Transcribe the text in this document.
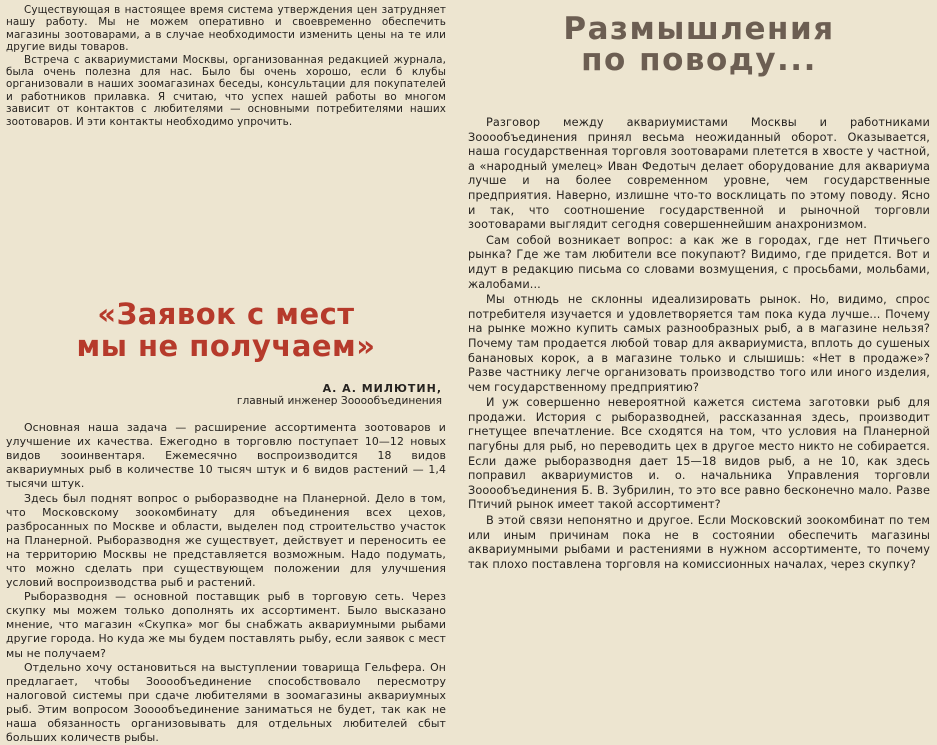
Существующая в настоящее время система утверждения цен затрудняет нашу работу. Мы не можем оперативно и своевременно обеспечить магазины зоотоварами, а в случае необходимости изменить цены на те или другие виды товаров.

Встреча с аквариумистами Москвы, организованная редакцией журнала, была очень полезна для нас. Было бы очень хорошо, если б клубы организовали в наших зоомагазинах беседы, консультации для покупателей и работников прилавка. Я считаю, что успех нашей работы во многом зависит от контактов с любителями — основными потребителями наших зоотоваров. И эти контакты необходимо упрочить.

«Заявок с мест
мы не получаем»
А. А. МИЛЮТИН,
главный инженер Зооообъединения

Основная наша задача — расширение ассортимента зоотоваров и улучшение их качества. Ежегодно в торговлю поступает 10—12 новых видов зооинвентаря. Ежемесячно воспроизводится 18 видов аквариумных рыб в количестве 10 тысяч штук и 6 видов растений — 1,4 тысячи штук.

Здесь был поднят вопрос о рыборазводне на Планерной. Дело в том, что Московскому зоокомбинату для объединения всех цехов, разбросанных по Москве и области, выделен под строительство участок на Планерной. Рыборазводня же существует, действует и переносить ее на территорию Москвы не представляется возможным. Надо подумать, что можно сделать при существующем положении для улучшения условий воспроизводства рыб и растений.

Рыборазводня — основной поставщик рыб в торговую сеть. Через скупку мы можем только дополнять их ассортимент. Было высказано мнение, что магазин «Скупка» мог бы снабжать аквариумными рыбами другие города. Но куда же мы будем поставлять рыбу, если заявок с мест мы не получаем?

Отдельно хочу остановиться на выступлении товарища Гельфера. Он предлагает, чтобы Зооообъединение способствовало пересмотру налоговой системы при сдаче любителями в зоомагазины аквариумных рыб. Этим вопросом Зооообъединение заниматься не будет, так как не наша обязанность организовывать для отдельных любителей сбыт больших количеств рыбы.

Размышления
по поводу...

Разговор между аквариумистами Москвы и работниками Зооообъединения принял весьма неожиданный оборот. Оказывается, наша государственная торговля зоотоварами плетется в хвосте у частной, а «народный умелец» Иван Федотыч делает оборудование для аквариума лучше и на более современном уровне, чем государственные предприятия. Наверно, излишне что-то восклицать по этому поводу. Ясно и так, что соотношение государственной и рыночной торговли зоотоварами выглядит сегодня совершеннейшим анахронизмом.

Сам собой возникает вопрос: а как же в городах, где нет Птичьего рынка? Где же там любители все покупают? Видимо, где придется. Вот и идут в редакцию письма со словами возмущения, с просьбами, мольбами, жалобами...

Мы отнюдь не склонны идеализировать рынок. Но, видимо, спрос потребителя изучается и удовлетворяется там пока куда лучше... Почему на рынке можно купить самых разнообразных рыб, а в магазине нельзя? Почему там продается любой товар для аквариумиста, вплоть до сушеных банановых корок, а в магазине только и слышишь: «Нет в продаже»? Разве частнику легче организовать производство того или иного изделия, чем государственному предприятию?

И уж совершенно невероятной кажется система заготовки рыб для продажи. История с рыборазводней, рассказанная здесь, производит гнетущее впечатление. Все сходятся на том, что условия на Планерной пагубны для рыб, но переводить цех в другое место никто не собирается. Если даже рыборазводня дает 15—18 видов рыб, а не 10, как здесь поправил аквариумистов и. о. начальника Управления торговли Зооообъединения Б. В. Зубрилин, то это все равно бесконечно мало. Разве Птичий рынок имеет такой ассортимент?

В этой связи непонятно и другое. Если Московский зоокомбинат по тем или иным причинам пока не в состоянии обеспечить магазины аквариумными рыбами и растениями в нужном ассортименте, то почему так плохо поставлена торговля на комиссионных началах, через скупку?
